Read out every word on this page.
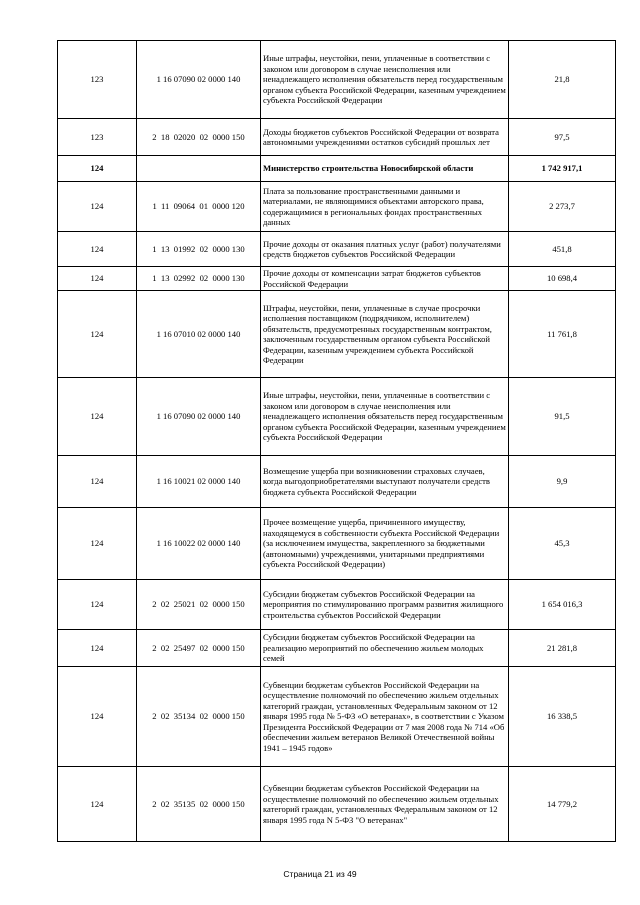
123	1 16 07090 02 0000 140	Иные штрафы, неустойки, пени, уплаченные в соответствии с законом или договором в случае неисполнения или ненадлежащего исполнения обязательств перед государственным органом субъекта Российской Федерации, казенным учреждением субъекта Российской Федерации	21,8
123	2  18  02020  02  0000 150	Доходы бюджетов субъектов Российской Федерации от возврата автономными учреждениями остатков субсидий прошлых лет	97,5
124		Министерство строительства Новосибирской области	1 742 917,1
124	1  11  09064  01  0000 120	Плата за пользование пространственными данными и материалами, не являющимися объектами авторского права, содержащимися в региональных фондах пространственных данных	2 273,7
124	1  13  01992  02  0000 130	Прочие доходы от оказания платных услуг (работ) получателями средств бюджетов субъектов Российской Федерации	451,8
124	1  13  02992  02  0000 130	Прочие доходы от компенсации затрат бюджетов субъектов Российской Федерации	10 698,4
124	1 16 07010 02 0000 140	Штрафы, неустойки, пени, уплаченные в случае просрочки исполнения поставщиком (подрядчиком, исполнителем) обязательств, предусмотренных государственным контрактом, заключенным государственным органом субъекта Российской Федерации, казенным учреждением субъекта Российской Федерации	11 761,8
124	1 16 07090 02 0000 140	Иные штрафы, неустойки, пени, уплаченные в соответствии с законом или договором в случае неисполнения или ненадлежащего исполнения обязательств перед государственным органом субъекта Российской Федерации, казенным учреждением субъекта Российской Федерации	91,5
124	1 16 10021 02 0000 140	Возмещение ущерба при возникновении страховых случаев, когда выгодоприобретателями выступают получатели средств бюджета субъекта Российской Федерации	9,9
124	1 16 10022 02 0000 140	Прочее возмещение ущерба, причиненного имуществу, находящемуся в собственности субъекта Российской Федерации (за исключением имущества, закрепленного за бюджетными (автономными) учреждениями, унитарными предприятиями субъекта Российской Федерации)	45,3
124	2  02  25021  02  0000 150	Субсидии бюджетам субъектов Российской Федерации на мероприятия по стимулированию программ развития жилищного строительства субъектов Российской Федерации	1 654 016,3
124	2  02  25497  02  0000 150	Субсидии бюджетам субъектов Российской Федерации на реализацию мероприятий по обеспечению жильем молодых семей	21 281,8
124	2  02  35134  02  0000 150	Субвенции бюджетам субъектов Российской Федерации на осуществление полномочий по обеспечению жильем отдельных категорий граждан, установленных Федеральным законом от 12 января 1995 года № 5-ФЗ «О ветеранах», в соответствии с Указом Президента Российской Федерации от 7 мая 2008 года № 714 «Об обеспечении жильем ветеранов Великой Отечественной войны 1941 – 1945 годов»	16 338,5
124	2  02  35135  02  0000 150	Субвенции бюджетам субъектов Российской Федерации на осуществление полномочий по обеспечению жильем отдельных категорий граждан, установленных Федеральным законом от 12 января 1995 года N 5-ФЗ "О ветеранах"	14 779,2
Страница 21 из 49
